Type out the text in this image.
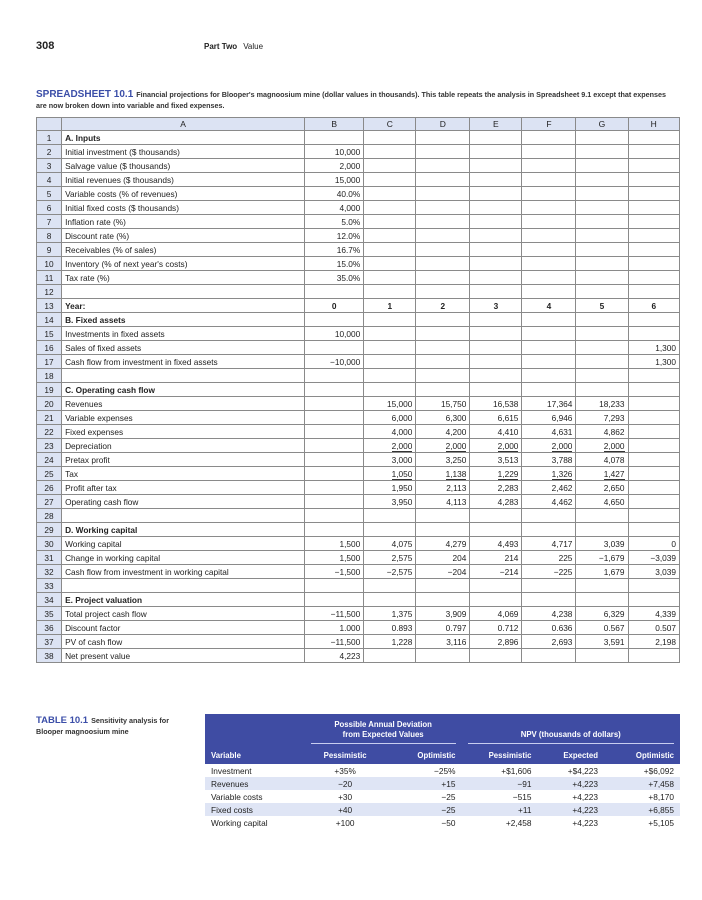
308	Part Two Value
SPREADSHEET 10.1 Financial projections for Blooper's magnoosium mine (dollar values in thousands). This table repeats the analysis in Spreadsheet 9.1 except that expenses are now broken down into variable and fixed expenses.
	A	B	C	D	E	F	G	H
1	A. Inputs							
2	Initial investment ($ thousands)	10,000						
3	Salvage value ($ thousands)	2,000						
4	Initial revenues ($ thousands)	15,000						
5	Variable costs (% of revenues)	40.0%						
6	Initial fixed costs ($ thousands)	4,000						
7	Inflation rate (%)	5.0%						
8	Discount rate (%)	12.0%						
9	Receivables (% of sales)	16.7%						
10	Inventory (% of next year's costs)	15.0%						
11	Tax rate (%)	35.0%						
12								
13	Year:	0	1	2	3	4	5	6
14	B. Fixed assets							
15	Investments in fixed assets	10,000						
16	Sales of fixed assets							1,300
17	Cash flow from investment in fixed assets	−10,000						1,300
18								
19	C. Operating cash flow							
20	Revenues		15,000	15,750	16,538	17,364	18,233	
21	Variable expenses		6,000	6,300	6,615	6,946	7,293	
22	Fixed expenses		4,000	4,200	4,410	4,631	4,862	
23	Depreciation		2,000	2,000	2,000	2,000	2,000	
24	Pretax profit		3,000	3,250	3,513	3,788	4,078	
25	Tax		1,050	1,138	1,229	1,326	1,427	
26	Profit after tax		1,950	2,113	2,283	2,462	2,650	
27	Operating cash flow		3,950	4,113	4,283	4,462	4,650	
28								
29	D. Working capital							
30	Working capital	1,500	4,075	4,279	4,493	4,717	3,039	0
31	Change in working capital	1,500	2,575	204	214	225	−1,679	−3,039
32	Cash flow from investment in working capital	−1,500	−2,575	−204	−214	−225	1,679	3,039
33								
34	E. Project valuation							
35	Total project cash flow	−11,500	1,375	3,909	4,069	4,238	6,329	4,339
36	Discount factor	1.000	0.893	0.797	0.712	0.636	0.567	0.507
37	PV of cash flow	−11,500	1,228	3,116	2,896	2,693	3,591	2,198
38	Net present value	4,223						
TABLE 10.1 Sensitivity analysis for Blooper magnoosium mine

	Possible Annual Deviation from Expected Values		NPV (thousands of dollars)		

Variable	Pessimistic	Optimistic	Pessimistic	Expected	Optimistic
Investment	+35%	−25%	+$1,606	+$4,223	+$6,092
Revenues	−20	+15	−91	+4,223	+7,458
Variable costs	+30	−25	−515	+4,223	+8,170
Fixed costs	+40	−25	+11	+4,223	+6,855
Working capital	+100	−50	+2,458	+4,223	+5,105
